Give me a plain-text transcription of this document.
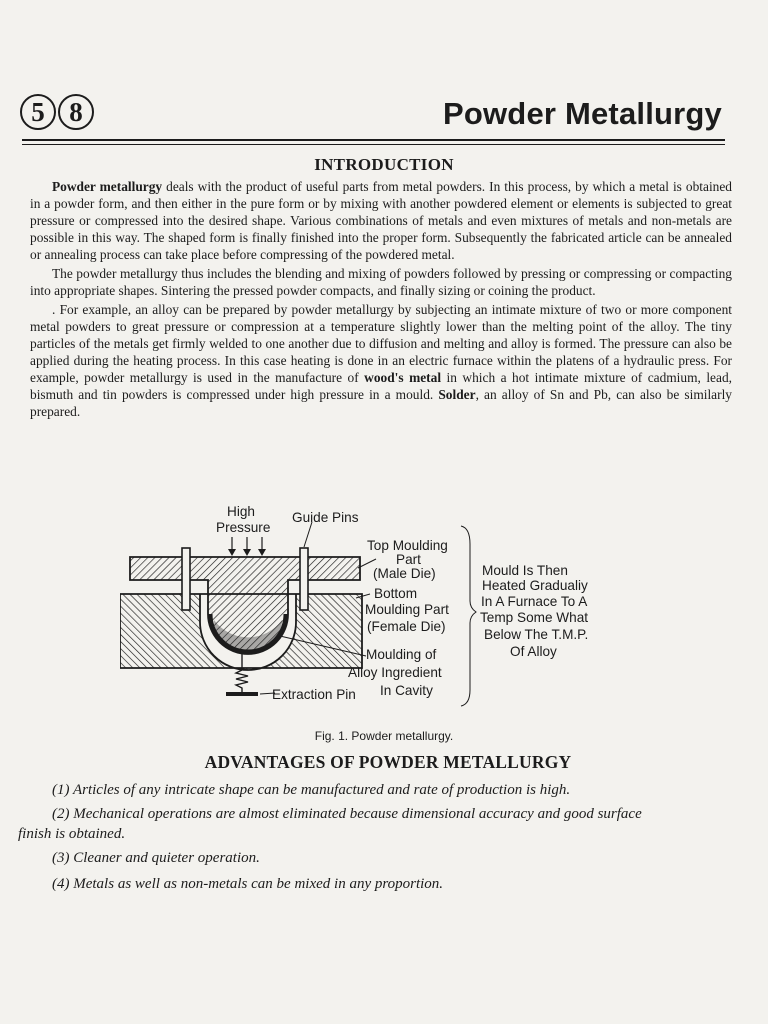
5 8	Powder Metallurgy
INTRODUCTION

Powder metallurgy deals with the product of useful parts from metal powders. In this process, by which a metal is obtained in a powder form, and then either in the pure form or by mixing with another powdered element or elements is subjected to great pressure or compressed into the desired shape. Various combinations of metals and even mixtures of metals and non-metals are possible in this way. The shaped form is finally finished into the proper form. Subsequently the fabricated article can be annealed or annealing process can take place before compressing of the powdered metal.

The powder metallurgy thus includes the blending and mixing of powders followed by pressing or compressing or compacting into appropriate shapes. Sintering the pressed powder compacts, and finally sizing or coining the product.

. For example, an alloy can be prepared by powder metallurgy by subjecting an intimate mixture of two or more component metal powders to great pressure or compression at a temperature slightly lower than the melting point of the alloy. The tiny particles of the metals get firmly welded to one another due to diffusion and melting and alloy is formed. The pressure can also be applied during the heating process. In this case heating is done in an electric furnace within the platens of a hydraulic press. For example, powder metallurgy is used in the manufacture of wood's metal in which a hot intimate mixture of cadmium, lead, bismuth and tin powders is compressed under high pressure in a mould. Solder, an alloy of Sn and Pb, can also be similarly prepared.

High
Pressure
Guide Pins
Top Moulding
Part
(Male Die)
Bottom
Moulding Part
(Female Die)
Moulding of
Alloy Ingredient
In Cavity
Extraction Pin
Mould Is Then
Heated Gradualiy
In A Furnace To A
Temp Some What
Below The T.M.P.
Of Alloy
Fig. 1. Powder metallurgy.
ADVANTAGES OF POWDER METALLURGY
(1) Articles of any intricate shape can be manufactured and rate of production is high.
(2) Mechanical operations are almost eliminated because dimensional accuracy and good surface
finish is obtained.
(3) Cleaner and quieter operation.
(4) Metals as well as non-metals can be mixed in any proportion.
